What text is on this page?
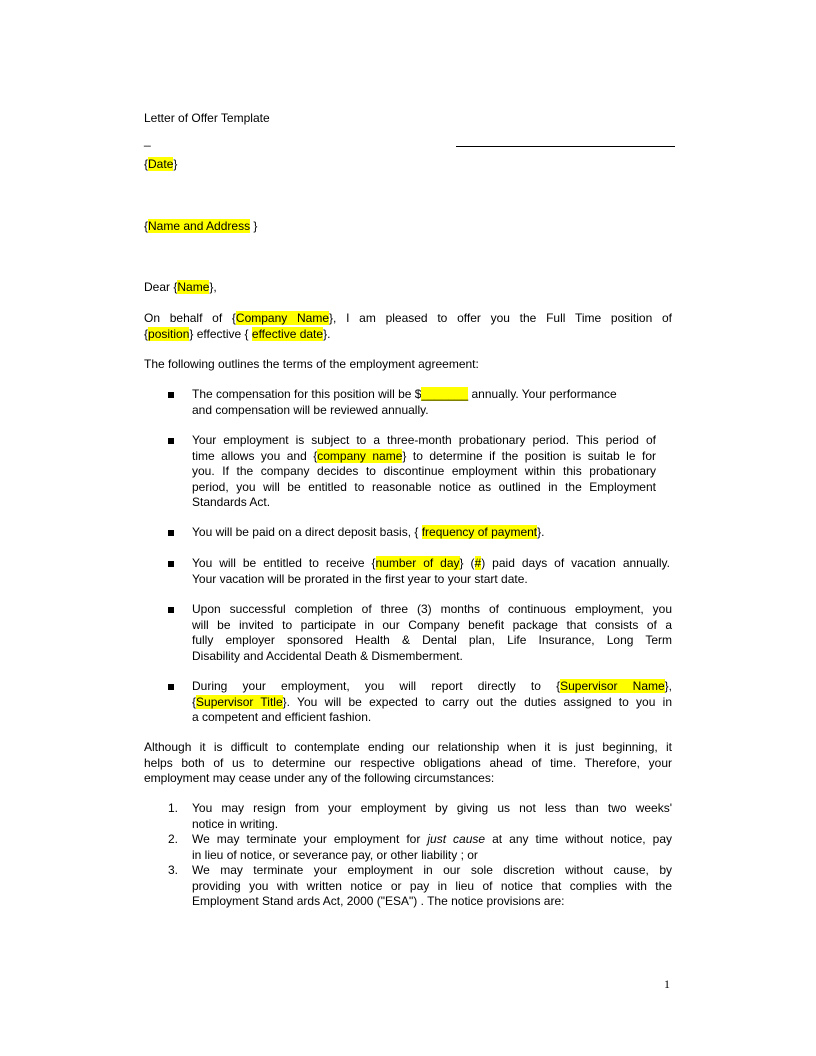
Letter of Offer Template
_
{Date}
{Name and Address }
Dear {Name},
On behalf of {Company Name}, I am pleased to offer you the Full Time position of
{position} effective { effective date}.
The following outlines the terms of the employment agreement:
The compensation for this position will be $_______ annually. Your performance
and compensation will be reviewed annually.
Your employment is subject to a three-month probationary period. This period of
time allows you and {company name} to determine if the position is suitab le for
you. If the company decides to discontinue employment within this probationary
period, you will be entitled to reasonable notice as outlined in the Employment
Standards Act.
You will be paid on a direct deposit basis, { frequency of payment}.
You will be entitled to receive {number of day} (#) paid days of vacation annually.
Your vacation will be prorated in the first year to your start date.
Upon successful completion of three (3) months of continuous employment, you
will be invited to participate in our Company benefit package that consists of a
fully employer sponsored Health & Dental plan, Life Insurance, Long Term
Disability and Accidental Death & Dismemberment.
During your employment, you will report directly to {Supervisor Name},
{Supervisor Title}. You will be expected to carry out the duties assigned to you in
a competent and efficient fashion.
Although it is difficult to contemplate ending our relationship when it is just beginning, it
helps both of us to determine our respective obligations ahead of time. Therefore, your
employment may cease under any of the following circumstances:
1. You may resign from your employment by giving us not less than two weeks'
notice in writing.
2. We may terminate your employment for just cause at any time without notice, pay
in lieu of notice, or severance pay, or other liability ; or
3. We may terminate your employment in our sole discretion without cause, by
providing you with written notice or pay in lieu of notice that complies with the
Employment Stand ards Act, 2000 ("ESA") . The notice provisions are:
1
